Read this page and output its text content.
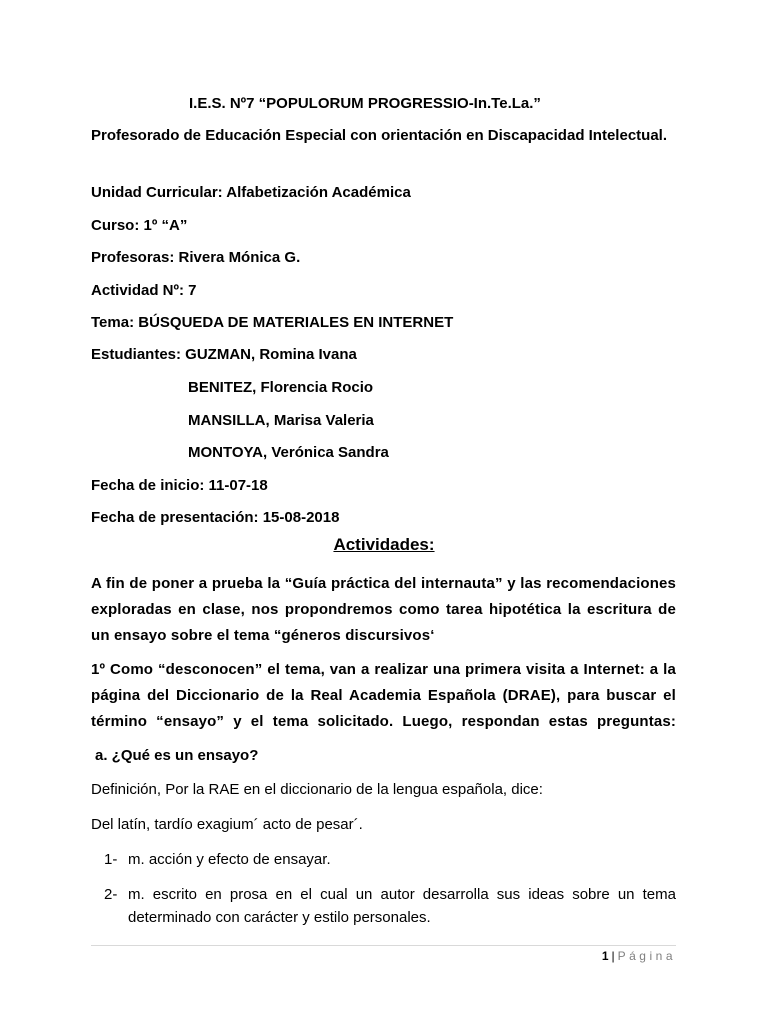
I.E.S. Nº7 “POPULORUM PROGRESSIO-In.Te.La.”
Profesorado de Educación Especial con orientación en Discapacidad Intelectual.
Unidad Curricular: Alfabetización Académica
Curso: 1º “A”
Profesoras: Rivera Mónica G.
Actividad Nº: 7
Tema: BÚSQUEDA DE MATERIALES EN INTERNET
Estudiantes: GUZMAN, Romina Ivana
BENITEZ, Florencia Rocio
MANSILLA, Marisa Valeria
MONTOYA, Verónica Sandra
Fecha de inicio: 11-07-18
Fecha de presentación: 15-08-2018
Actividades:
A fin de poner a prueba la “Guía práctica del internauta” y las recomendaciones
exploradas en clase, nos propondremos como tarea hipotética la escritura de
un ensayo sobre el tema “géneros discursivos‘
1º Como “desconocen” el tema, van a realizar una primera visita a Internet: a la
página del Diccionario de la Real Academia Española (DRAE), para buscar el
término “ensayo” y el tema solicitado. Luego, respondan estas preguntas:
a. ¿Qué es un ensayo?
Definición, Por la RAE en el diccionario de la lengua española, dice:
Del latín, tardío exagium´ acto de pesar´.
1- m. acción y efecto de ensayar.
2- m. escrito en prosa en el cual un autor desarrolla sus ideas sobre un tema determinado con carácter y estilo personales.
1 | Página
